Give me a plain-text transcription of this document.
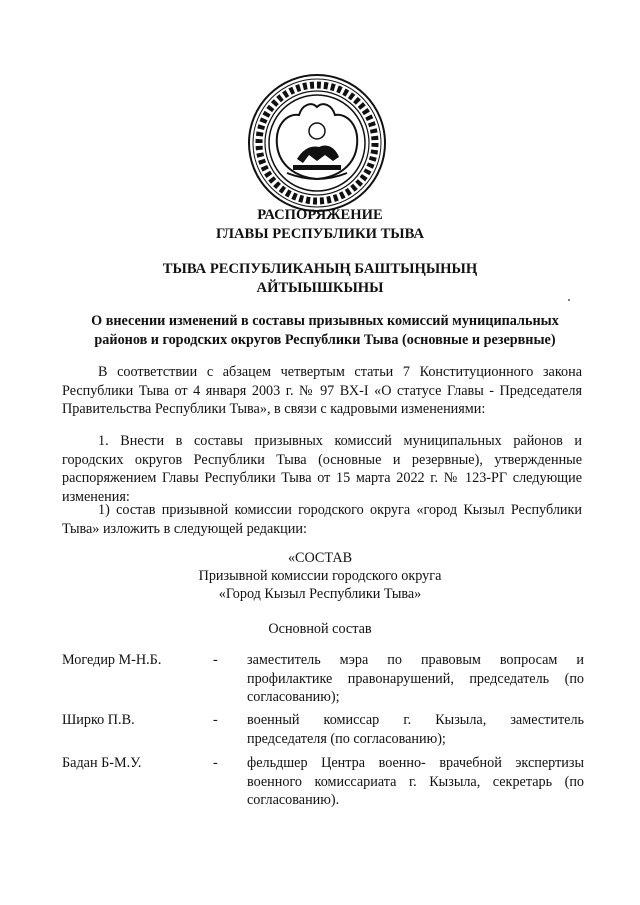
РАСПОРЯЖЕНИЕ

ГЛАВЫ РЕСПУБЛИКИ ТЫВА

ТЫВА РЕСПУБЛИКАНЫҢ БАШТЫҢЫНЫҢ

АЙТЫЫШКЫНЫ

О внесении изменений в составы призывных комиссий муниципальных районов и городских округов Республики Тыва (основные и резервные)

В соответствии с абзацем четвертым статьи 7 Конституционного закона Республики Тыва от 4 января 2003 г. № 97 ВХ-I «О статусе Главы - Председателя Правительства Республики Тыва», в связи с кадровыми изменениями:

1. Внести в составы призывных комиссий муниципальных районов и городских округов Республики Тыва (основные и резервные), утвержденные распоряжением Главы Республики Тыва от 15 марта 2022 г. № 123-РГ следующие изменения:

1) состав призывной комиссии городского округа «город Кызыл Республики Тыва» изложить в следующей редакции:

«СОСТАВ

Призывной комиссии городского округа

«Город Кызыл Республики Тыва»

Основной состав

Могедир М-Н.Б.	- заместитель мэра по правовым вопросам и профилактике правонарушений, председатель (по согласованию);
Ширко П.В.	- военный комиссар г. Кызыла, заместитель председателя (по согласованию);
Бадан Б-М.У.	- фельдшер Центра военно- врачебной экспертизы военного комиссариата г. Кызыла, секретарь (по согласованию).
